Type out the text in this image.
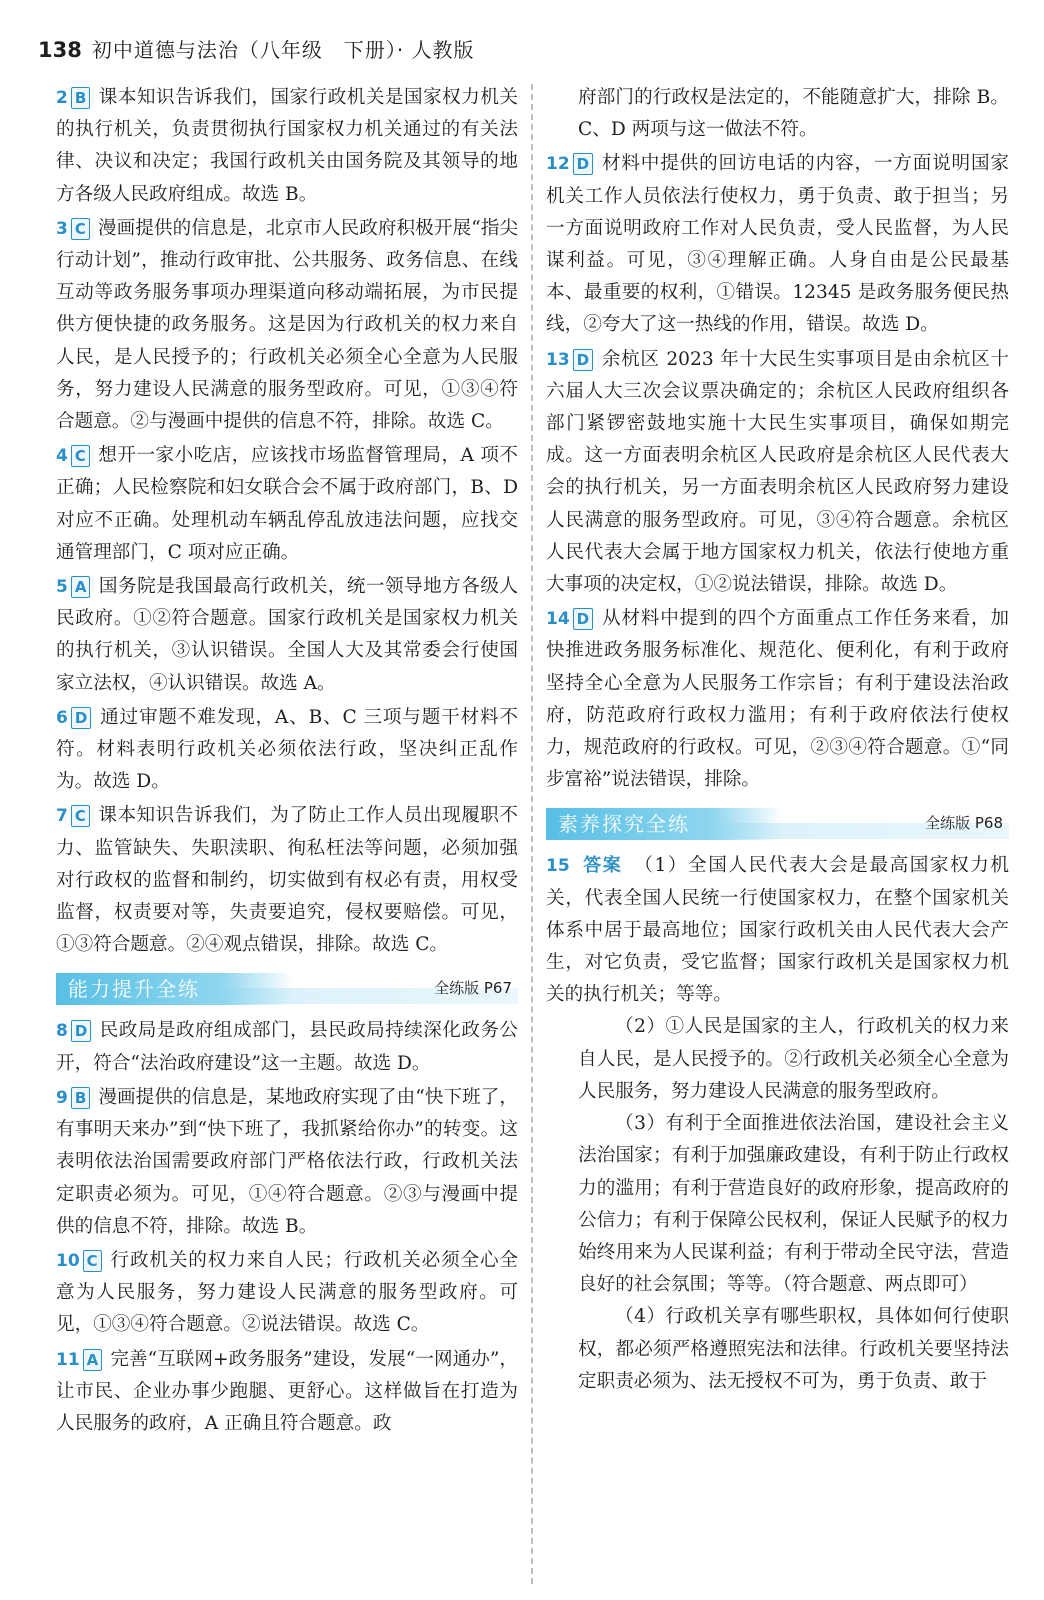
138 初中道德与法治（八年级　下册）· 人教版
2 B 课本知识告诉我们，国家行政机关是国家权力机关的执行机关，负责贯彻执行国家权力机关通过的有关法律、决议和决定；我国行政机关由国务院及其领导的地方各级人民政府组成。故选 B。
3 C 漫画提供的信息是，北京市人民政府积极开展“指尖行动计划”，推动行政审批、公共服务、政务信息、在线互动等政务服务事项办理渠道向移动端拓展，为市民提供方便快捷的政务服务。这是因为行政机关的权力来自人民，是人民授予的；行政机关必须全心全意为人民服务，努力建设人民满意的服务型政府。可见，①③④符合题意。②与漫画中提供的信息不符，排除。故选 C。
4 C 想开一家小吃店，应该找市场监督管理局，A 项不正确；人民检察院和妇女联合会不属于政府部门，B、D 对应不正确。处理机动车辆乱停乱放违法问题，应找交通管理部门，C 项对应正确。
5 A 国务院是我国最高行政机关，统一领导地方各级人民政府。①②符合题意。国家行政机关是国家权力机关的执行机关，③认识错误。全国人大及其常委会行使国家立法权，④认识错误。故选 A。
6 D 通过审题不难发现，A、B、C 三项与题干材料不符。材料表明行政机关必须依法行政，坚决纠正乱作为。故选 D。
7 C 课本知识告诉我们，为了防止工作人员出现履职不力、监管缺失、失职渎职、徇私枉法等问题，必须加强对行政权的监督和制约，切实做到有权必有责，用权受监督，权责要对等，失责要追究，侵权要赔偿。可见，①③符合题意。②④观点错误，排除。故选 C。
能力提升全练	全练版 P67
8 D 民政局是政府组成部门，县民政局持续深化政务公开，符合“法治政府建设”这一主题。故选 D。
9 B 漫画提供的信息是，某地政府实现了由“快下班了，有事明天来办”到“快下班了，我抓紧给你办”的转变。这表明依法治国需要政府部门严格依法行政，行政机关法定职责必须为。可见，①④符合题意。②③与漫画中提供的信息不符，排除。故选 B。
10 C 行政机关的权力来自人民；行政机关必须全心全意为人民服务，努力建设人民满意的服务型政府。可见，①③④符合题意。②说法错误。故选 C。
11 A 完善“互联网+政务服务”建设，发展“一网通办”，让市民、企业办事少跑腿、更舒心。这样做旨在打造为人民服务的政府，A 正确且符合题意。政
府部门的行政权是法定的，不能随意扩大，排除 B。C、D 两项与这一做法不符。
12 D 材料中提供的回访电话的内容，一方面说明国家机关工作人员依法行使权力，勇于负责、敢于担当；另一方面说明政府工作对人民负责，受人民监督，为人民谋利益。可见，③④理解正确。人身自由是公民最基本、最重要的权利，①错误。12345 是政务服务便民热线，②夸大了这一热线的作用，错误。故选 D。
13 D 余杭区 2023 年十大民生实事项目是由余杭区十六届人大三次会议票决确定的；余杭区人民政府组织各部门紧锣密鼓地实施十大民生实事项目，确保如期完成。这一方面表明余杭区人民政府是余杭区人民代表大会的执行机关，另一方面表明余杭区人民政府努力建设人民满意的服务型政府。可见，③④符合题意。余杭区人民代表大会属于地方国家权力机关，依法行使地方重大事项的决定权，①②说法错误，排除。故选 D。
14 D 从材料中提到的四个方面重点工作任务来看，加快推进政务服务标准化、规范化、便利化，有利于政府坚持全心全意为人民服务工作宗旨；有利于建设法治政府，防范政府行政权力滥用；有利于政府依法行使权力，规范政府的行政权。可见，②③④符合题意。①“同步富裕”说法错误，排除。
素养探究全练	全练版 P68
15 答案 （1）全国人民代表大会是最高国家权力机关，代表全国人民统一行使国家权力，在整个国家机关体系中居于最高地位；国家行政机关由人民代表大会产生，对它负责，受它监督；国家行政机关是国家权力机关的执行机关；等等。
（2）①人民是国家的主人，行政机关的权力来自人民，是人民授予的。②行政机关必须全心全意为人民服务，努力建设人民满意的服务型政府。
（3）有利于全面推进依法治国，建设社会主义法治国家；有利于加强廉政建设，有利于防止行政权力的滥用；有利于营造良好的政府形象，提高政府的公信力；有利于保障公民权利，保证人民赋予的权力始终用来为人民谋利益；有利于带动全民守法，营造良好的社会氛围；等等。（符合题意、两点即可）
（4）行政机关享有哪些职权，具体如何行使职权，都必须严格遵照宪法和法律。行政机关要坚持法定职责必须为、法无授权不可为，勇于负责、敢于
